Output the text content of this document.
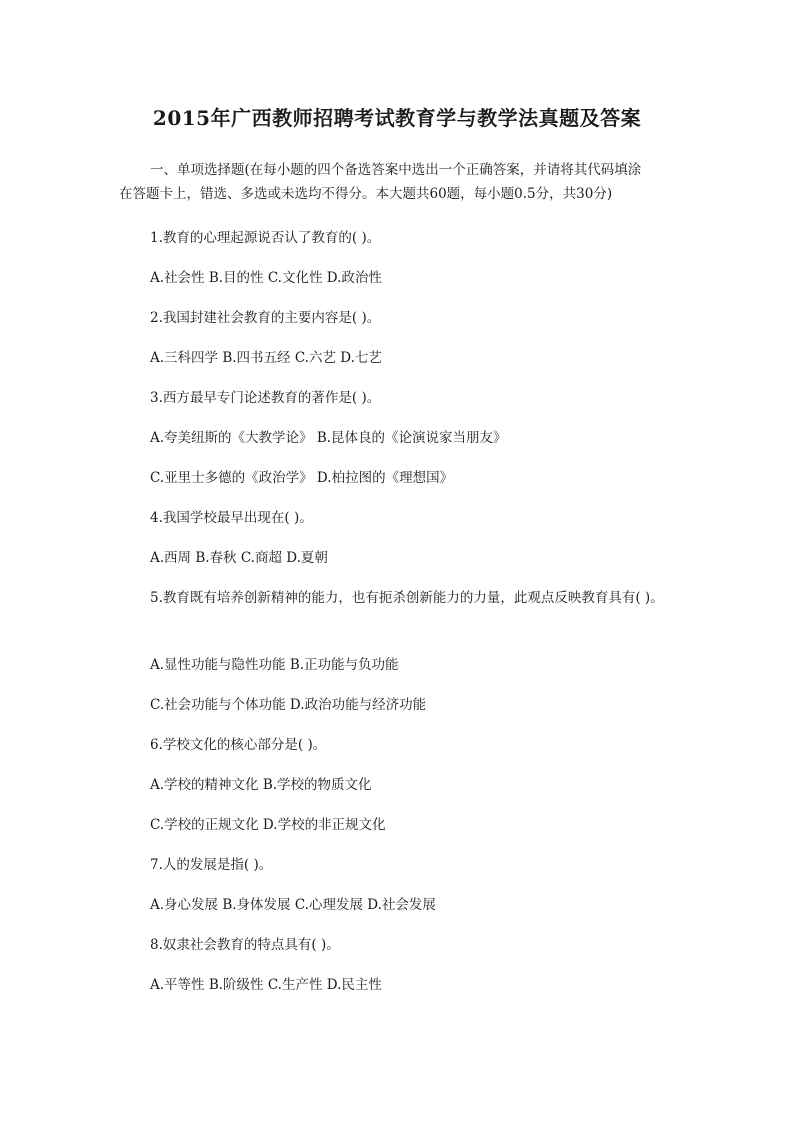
2015年广西教师招聘考试教育学与教学法真题及答案
一、单项选择题(在每小题的四个备选答案中选出一个正确答案，并请将其代码填涂
在答题卡上，错选、多选或未选均不得分。本大题共60题，每小题0.5分，共30分)
1.教育的心理起源说否认了教育的( )。
A.社会性 B.目的性 C.文化性 D.政治性
2.我国封建社会教育的主要内容是( )。
A.三科四学 B.四书五经 C.六艺 D.七艺
3.西方最早专门论述教育的著作是( )。
A.夸美纽斯的《大教学论》 B.昆体良的《论演说家当朋友》
C.亚里士多德的《政治学》 D.柏拉图的《理想国》
4.我国学校最早出现在( )。
A.西周 B.春秋 C.商超 D.夏朝
5.教育既有培养创新精神的能力，也有扼杀创新能力的力量，此观点反映教育具有( )。
A.显性功能与隐性功能 B.正功能与负功能
C.社会功能与个体功能 D.政治功能与经济功能
6.学校文化的核心部分是( )。
A.学校的精神文化 B.学校的物质文化
C.学校的正规文化 D.学校的非正规文化
7.人的发展是指( )。
A.身心发展 B.身体发展 C.心理发展 D.社会发展
8.奴隶社会教育的特点具有( )。
A.平等性 B.阶级性 C.生产性 D.民主性
